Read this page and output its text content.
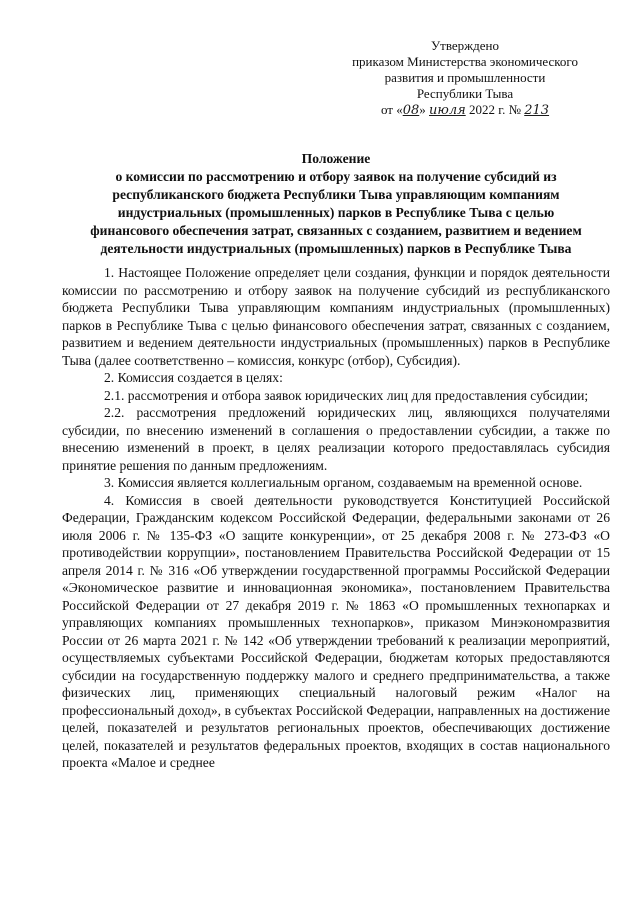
Утверждено
приказом Министерства экономического
развития и промышленности
Республики Тыва
от «08» июля 2022 г. № 213
Положение
о комиссии по рассмотрению и отбору заявок на получение субсидий из
республиканского бюджета Республики Тыва управляющим компаниям
индустриальных (промышленных) парков в Республике Тыва с целью
финансового обеспечения затрат, связанных с созданием, развитием и ведением
деятельности индустриальных (промышленных) парков в Республике Тыва

1. Настоящее Положение определяет цели создания, функции и порядок деятельности комиссии по рассмотрению и отбору заявок на получение субсидий из республиканского бюджета Республики Тыва управляющим компаниям индустриальных (промышленных) парков в Республике Тыва с целью финансового обеспечения затрат, связанных с созданием, развитием и ведением деятельности индустриальных (промышленных) парков в Республике Тыва (далее соответственно – комиссия, конкурс (отбор), Субсидия).

2. Комиссия создается в целях:

2.1. рассмотрения и отбора заявок юридических лиц для предоставления субсидии;

2.2. рассмотрения предложений юридических лиц, являющихся получателями субсидии, по внесению изменений в соглашения о предоставлении субсидии, а также по внесению изменений в проект, в целях реализации которого предоставлялась субсидия принятие решения по данным предложениям.

3. Комиссия является коллегиальным органом, создаваемым на временной основе.

4. Комиссия в своей деятельности руководствуется Конституцией Российской Федерации, Гражданским кодексом Российской Федерации, федеральными законами от 26 июля 2006 г. № 135-ФЗ «О защите конкуренции», от 25 декабря 2008 г. № 273-ФЗ «О противодействии коррупции», постановлением Правительства Российской Федерации от 15 апреля 2014 г. № 316 «Об утверждении государственной программы Российской Федерации «Экономическое развитие и инновационная экономика», постановлением Правительства Российской Федерации от 27 декабря 2019 г. № 1863 «О промышленных технопарках и управляющих компаниях промышленных технопарков», приказом Минэкономразвития России от 26 марта 2021 г. № 142 «Об утверждении требований к реализации мероприятий, осуществляемых субъектами Российской Федерации, бюджетам которых предоставляются субсидии на государственную поддержку малого и среднего предпринимательства, а также физических лиц, применяющих специальный налоговый режим «Налог на профессиональный доход», в субъектах Российской Федерации, направленных на достижение целей, показателей и результатов региональных проектов, обеспечивающих достижение целей, показателей и результатов федеральных проектов, входящих в состав национального проекта «Малое и среднее
